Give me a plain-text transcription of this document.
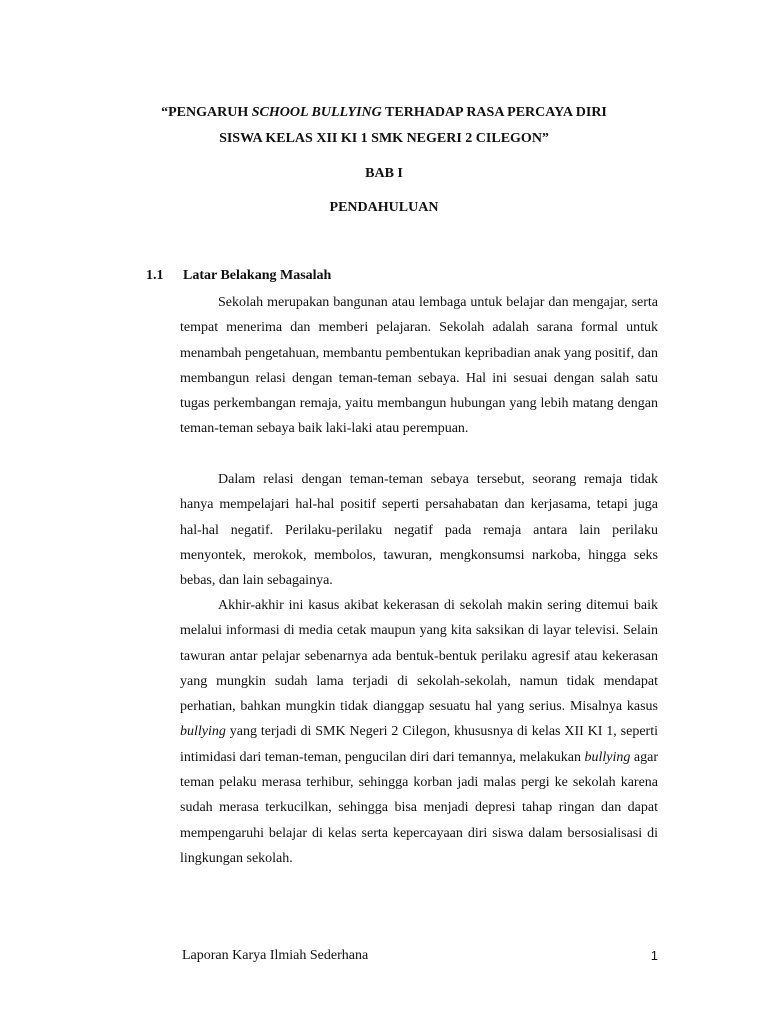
“PENGARUH SCHOOL BULLYING TERHADAP RASA PERCAYA DIRI
SISWA KELAS XII KI 1 SMK NEGERI 2 CILEGON”
BAB I
PENDAHULUAN
1.1 Latar Belakang Masalah

Sekolah merupakan bangunan atau lembaga untuk belajar dan mengajar, serta tempat menerima dan memberi pelajaran. Sekolah adalah sarana formal untuk menambah pengetahuan, membantu pembentukan kepribadian anak yang positif, dan membangun relasi dengan teman-teman sebaya. Hal ini sesuai dengan salah satu tugas perkembangan remaja, yaitu membangun hubungan yang lebih matang dengan teman-teman sebaya baik laki-laki atau perempuan.

Dalam relasi dengan teman-teman sebaya tersebut, seorang remaja tidak hanya mempelajari hal-hal positif seperti persahabatan dan kerjasama, tetapi juga hal-hal negatif. Perilaku-perilaku negatif pada remaja antara lain perilaku menyontek, merokok, membolos, tawuran, mengkonsumsi narkoba, hingga seks bebas, dan lain sebagainya.

Akhir-akhir ini kasus akibat kekerasan di sekolah makin sering ditemui baik melalui informasi di media cetak maupun yang kita saksikan di layar televisi. Selain tawuran antar pelajar sebenarnya ada bentuk-bentuk perilaku agresif atau kekerasan yang mungkin sudah lama terjadi di sekolah-sekolah, namun tidak mendapat perhatian, bahkan mungkin tidak dianggap sesuatu hal yang serius. Misalnya kasus bullying yang terjadi di SMK Negeri 2 Cilegon, khususnya di kelas XII KI 1, seperti intimidasi dari teman-teman, pengucilan diri dari temannya, melakukan bullying agar teman pelaku merasa terhibur, sehingga korban jadi malas pergi ke sekolah karena sudah merasa terkucilkan, sehingga bisa menjadi depresi tahap ringan dan dapat mempengaruhi belajar di kelas serta kepercayaan diri siswa dalam bersosialisasi di lingkungan sekolah.

Laporan Karya Ilmiah Sederhana	1
